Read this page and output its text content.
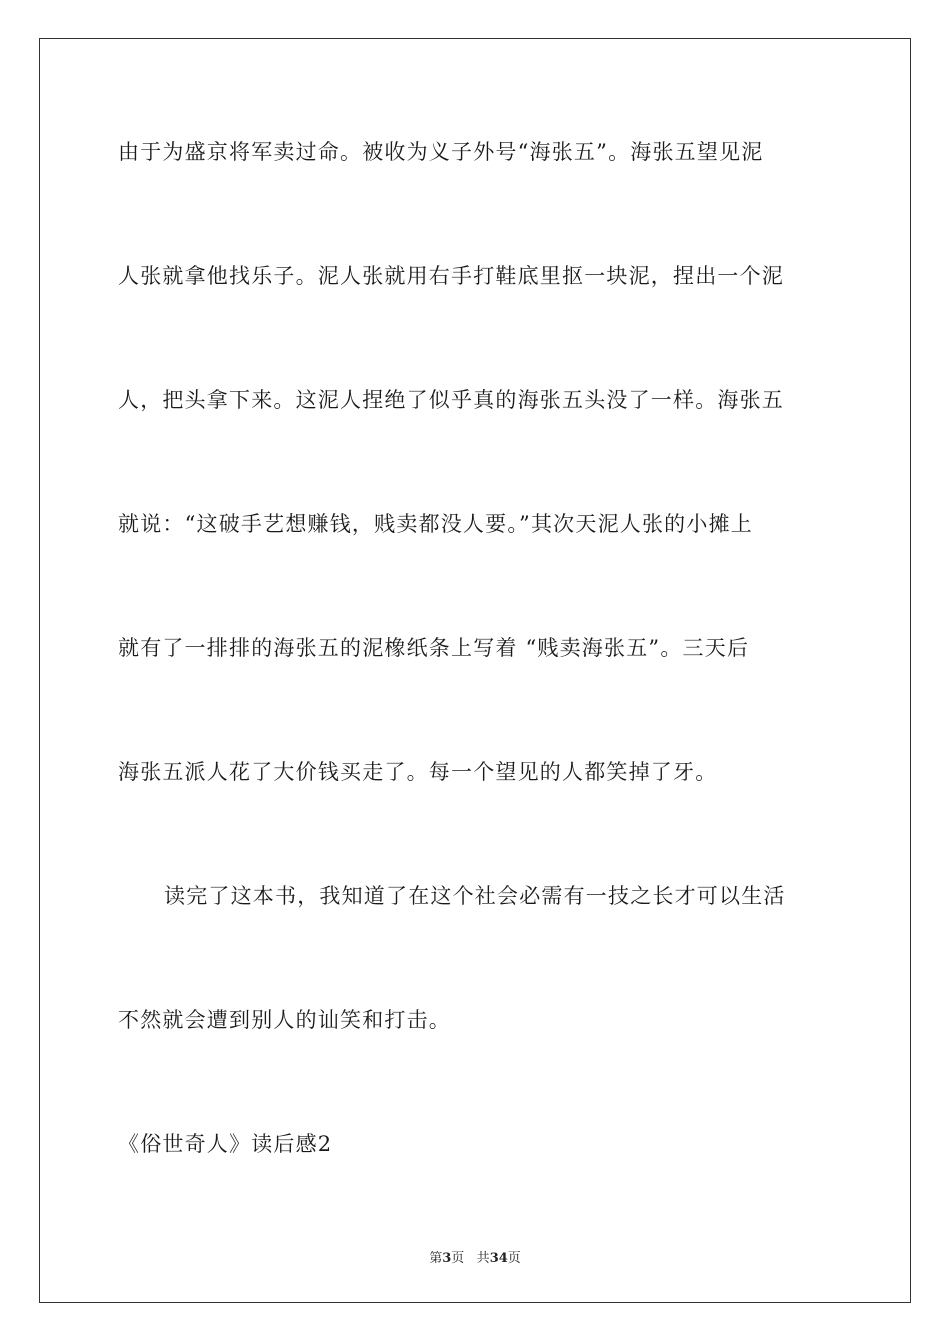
由于为盛京将军卖过命。被收为义子外号“海张五”。海张五望见泥
人张就拿他找乐子。泥人张就用右手打鞋底里抠一块泥，捏出一个泥
人，把头拿下来。这泥人捏绝了似乎真的海张五头没了一样。海张五
就说：“这破手艺想赚钱，贱卖都没人要。”其次天泥人张的小摊上
就有了一排排的海张五的泥橡纸条上写着 “贱卖海张五”。三天后
海张五派人花了大价钱买走了。每一个望见的人都笑掉了牙。
读完了这本书，我知道了在这个社会必需有一技之长才可以生活
不然就会遭到别人的讪笑和打击。
《俗世奇人》读后感2
第3页 共34页
